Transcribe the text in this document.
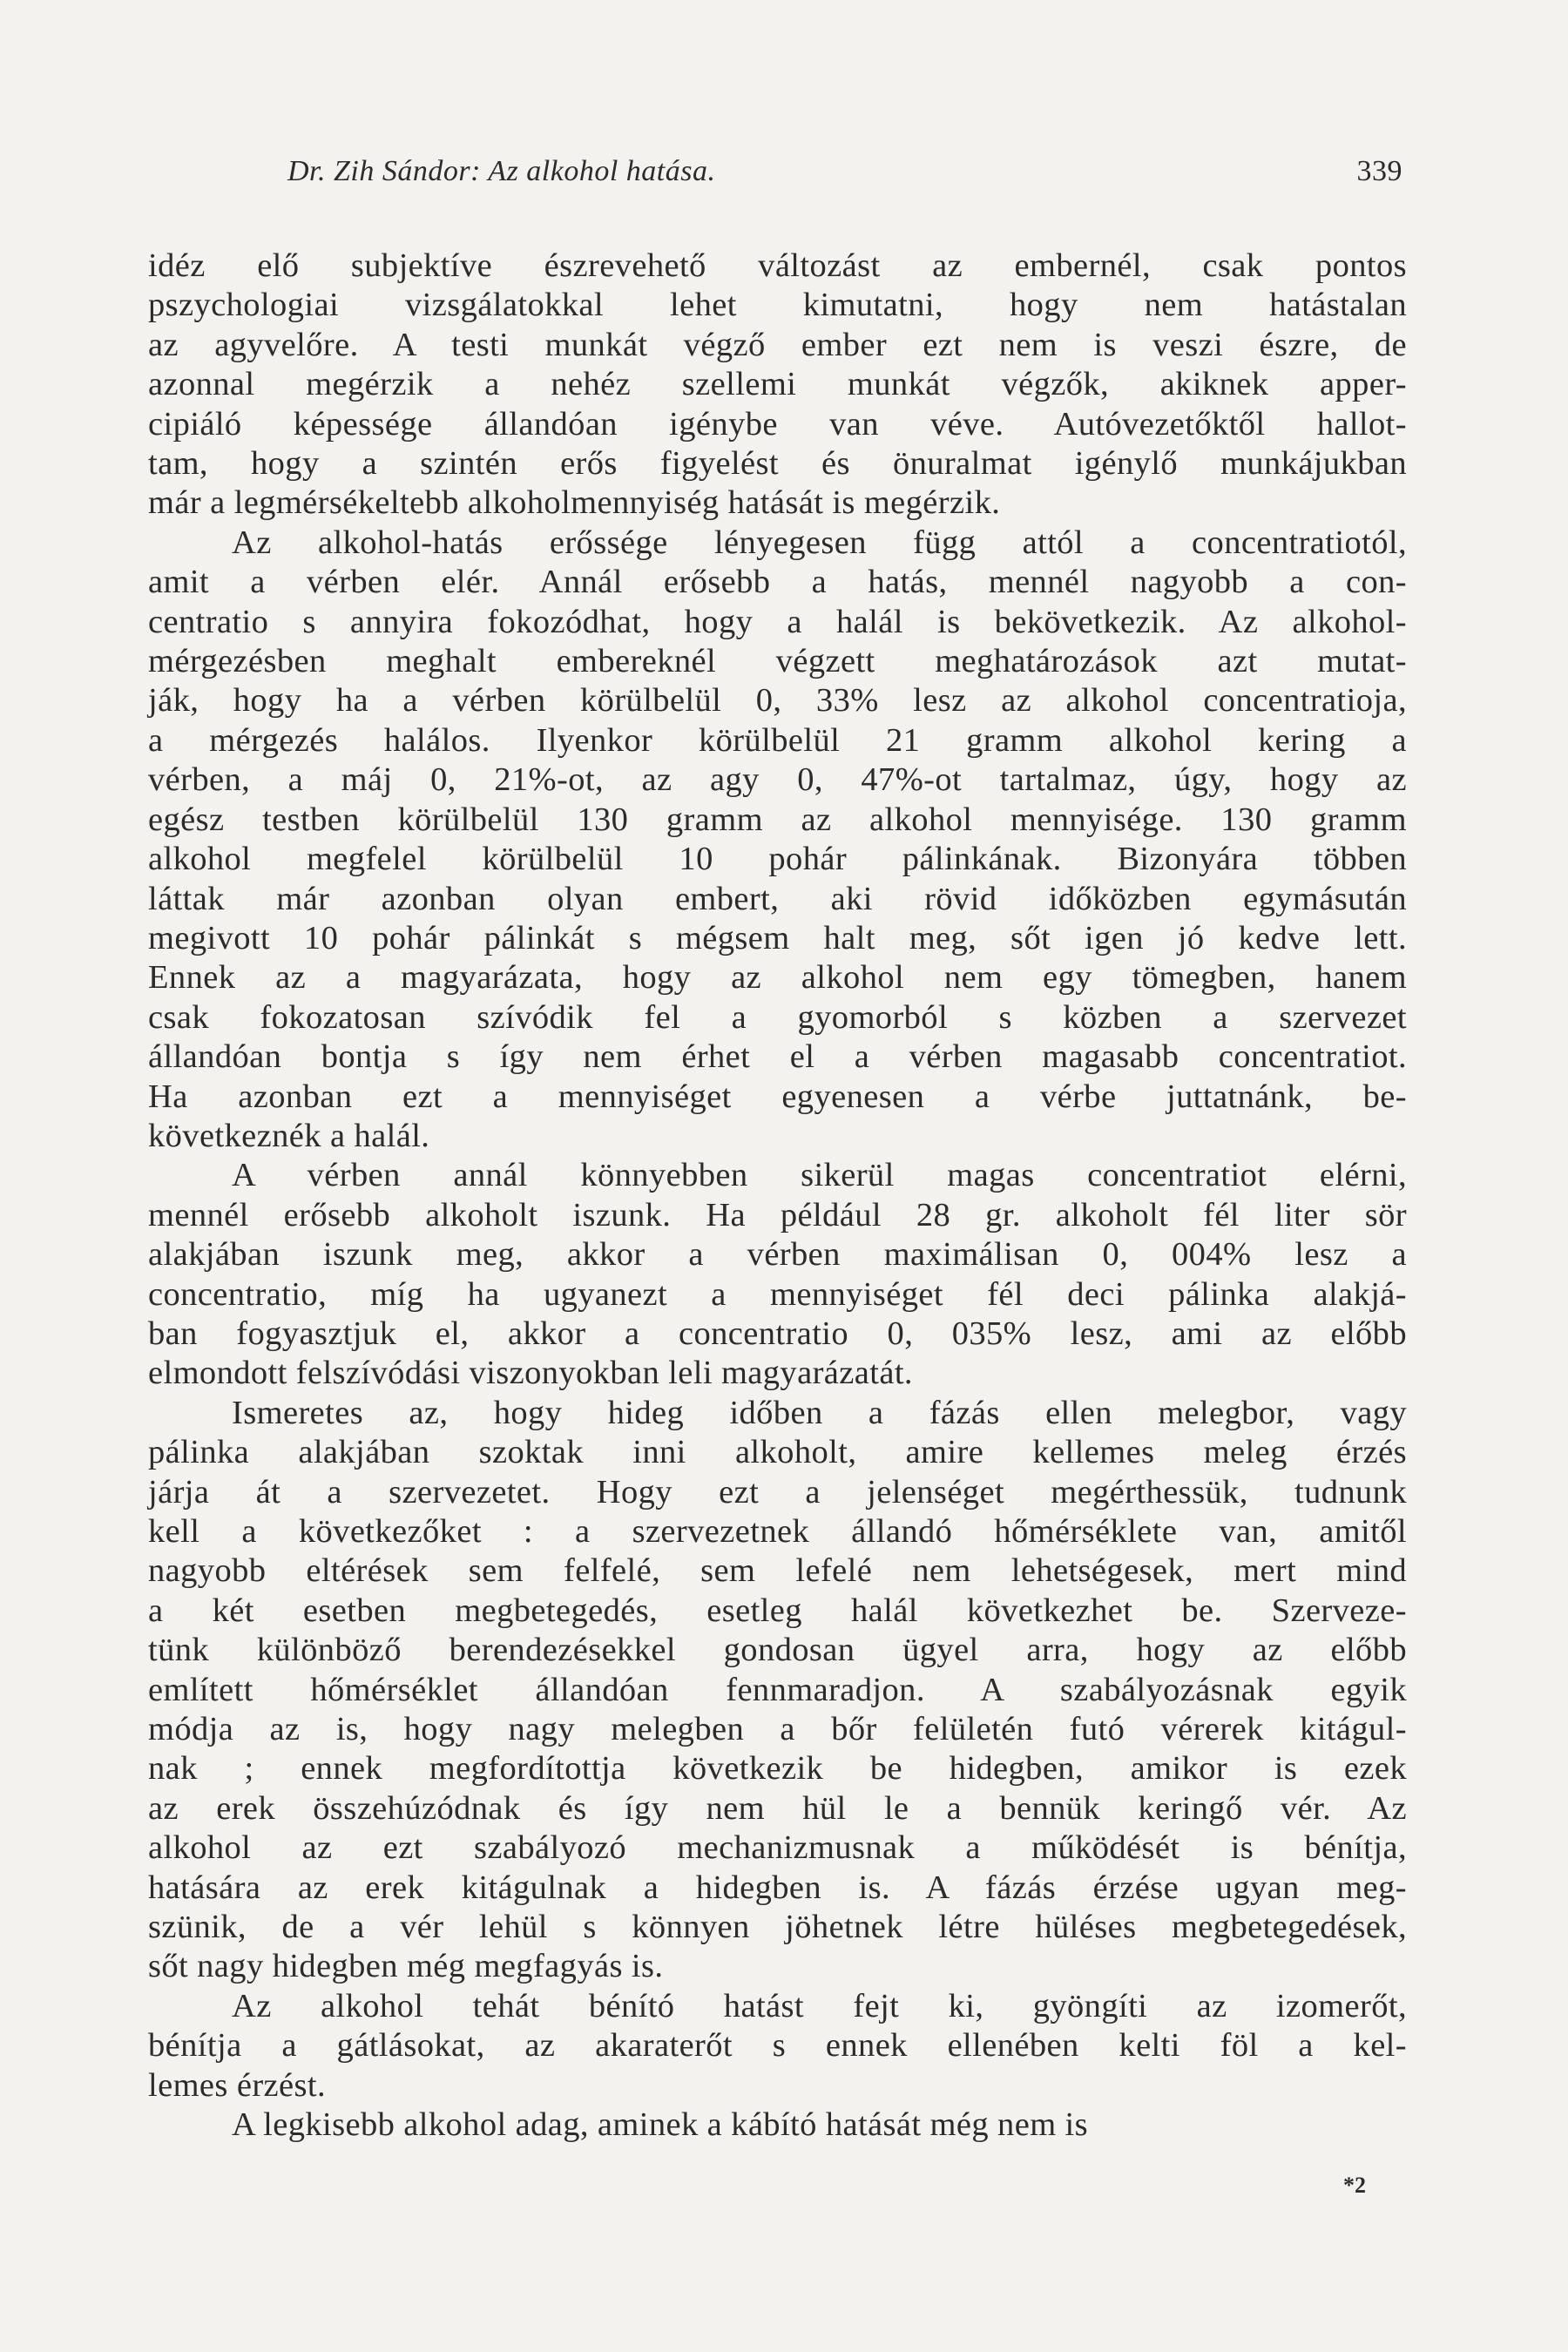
Dr. Zih Sándor: Az alkohol hatása.	339
idéz elő subjektíve észrevehető változást az embernél, csak pontos
pszychologiai vizsgálatokkal lehet kimutatni, hogy nem hatástalan
az agyvelőre. A testi munkát végző ember ezt nem is veszi észre, de
azonnal megérzik a nehéz szellemi munkát végzők, akiknek apper-
cipiáló képessége állandóan igénybe van véve. Autóvezetőktől hallot-
tam, hogy a szintén erős figyelést és önuralmat igénylő munkájukban
már a legmérsékeltebb alkoholmennyiség hatását is megérzik.
Az alkohol-hatás erőssége lényegesen függ attól a concentratiotól,
amit a vérben elér. Annál erősebb a hatás, mennél nagyobb a con-
centratio s annyira fokozódhat, hogy a halál is bekövetkezik. Az alkohol-
mérgezésben meghalt embereknél végzett meghatározások azt mutat-
ják, hogy ha a vérben körülbelül 0, 33% lesz az alkohol concentratioja,
a mérgezés halálos. Ilyenkor körülbelül 21 gramm alkohol kering a
vérben, a máj 0, 21%-ot, az agy 0, 47%-ot tartalmaz, úgy, hogy az
egész testben körülbelül 130 gramm az alkohol mennyisége. 130 gramm
alkohol megfelel körülbelül 10 pohár pálinkának. Bizonyára többen
láttak már azonban olyan embert, aki rövid időközben egymásután
megivott 10 pohár pálinkát s mégsem halt meg, sőt igen jó kedve lett.
Ennek az a magyarázata, hogy az alkohol nem egy tömegben, hanem
csak fokozatosan szívódik fel a gyomorból s közben a szervezet
állandóan bontja s így nem érhet el a vérben magasabb concentratiot.
Ha azonban ezt a mennyiséget egyenesen a vérbe juttatnánk, be-
következnék a halál.
A vérben annál könnyebben sikerül magas concentratiot elérni,
mennél erősebb alkoholt iszunk. Ha például 28 gr. alkoholt fél liter sör
alakjában iszunk meg, akkor a vérben maximálisan 0, 004% lesz a
concentratio, míg ha ugyanezt a mennyiséget fél deci pálinka alakjá-
ban fogyasztjuk el, akkor a concentratio 0, 035% lesz, ami az előbb
elmondott felszívódási viszonyokban leli magyarázatát.
Ismeretes az, hogy hideg időben a fázás ellen melegbor, vagy
pálinka alakjában szoktak inni alkoholt, amire kellemes meleg érzés
járja át a szervezetet. Hogy ezt a jelenséget megérthessük, tudnunk
kell a következőket : a szervezetnek állandó hőmérséklete van, amitől
nagyobb eltérések sem felfelé, sem lefelé nem lehetségesek, mert mind
a két esetben megbetegedés, esetleg halál következhet be. Szerveze-
tünk különböző berendezésekkel gondosan ügyel arra, hogy az előbb
említett hőmérséklet állandóan fennmaradjon. A szabályozásnak egyik
módja az is, hogy nagy melegben a bőr felületén futó vérerek kitágul-
nak ; ennek megfordítottja következik be hidegben, amikor is ezek
az erek összehúzódnak és így nem hül le a bennük keringő vér. Az
alkohol az ezt szabályozó mechanizmusnak a működését is bénítja,
hatására az erek kitágulnak a hidegben is. A fázás érzése ugyan meg-
szünik, de a vér lehül s könnyen jöhetnek létre hüléses megbetegedések,
sőt nagy hidegben még megfagyás is.
Az alkohol tehát bénító hatást fejt ki, gyöngíti az izomerőt,
bénítja a gátlásokat, az akaraterőt s ennek ellenében kelti föl a kel-
lemes érzést.
A legkisebb alkohol adag, aminek a kábító hatását még nem is
*2
